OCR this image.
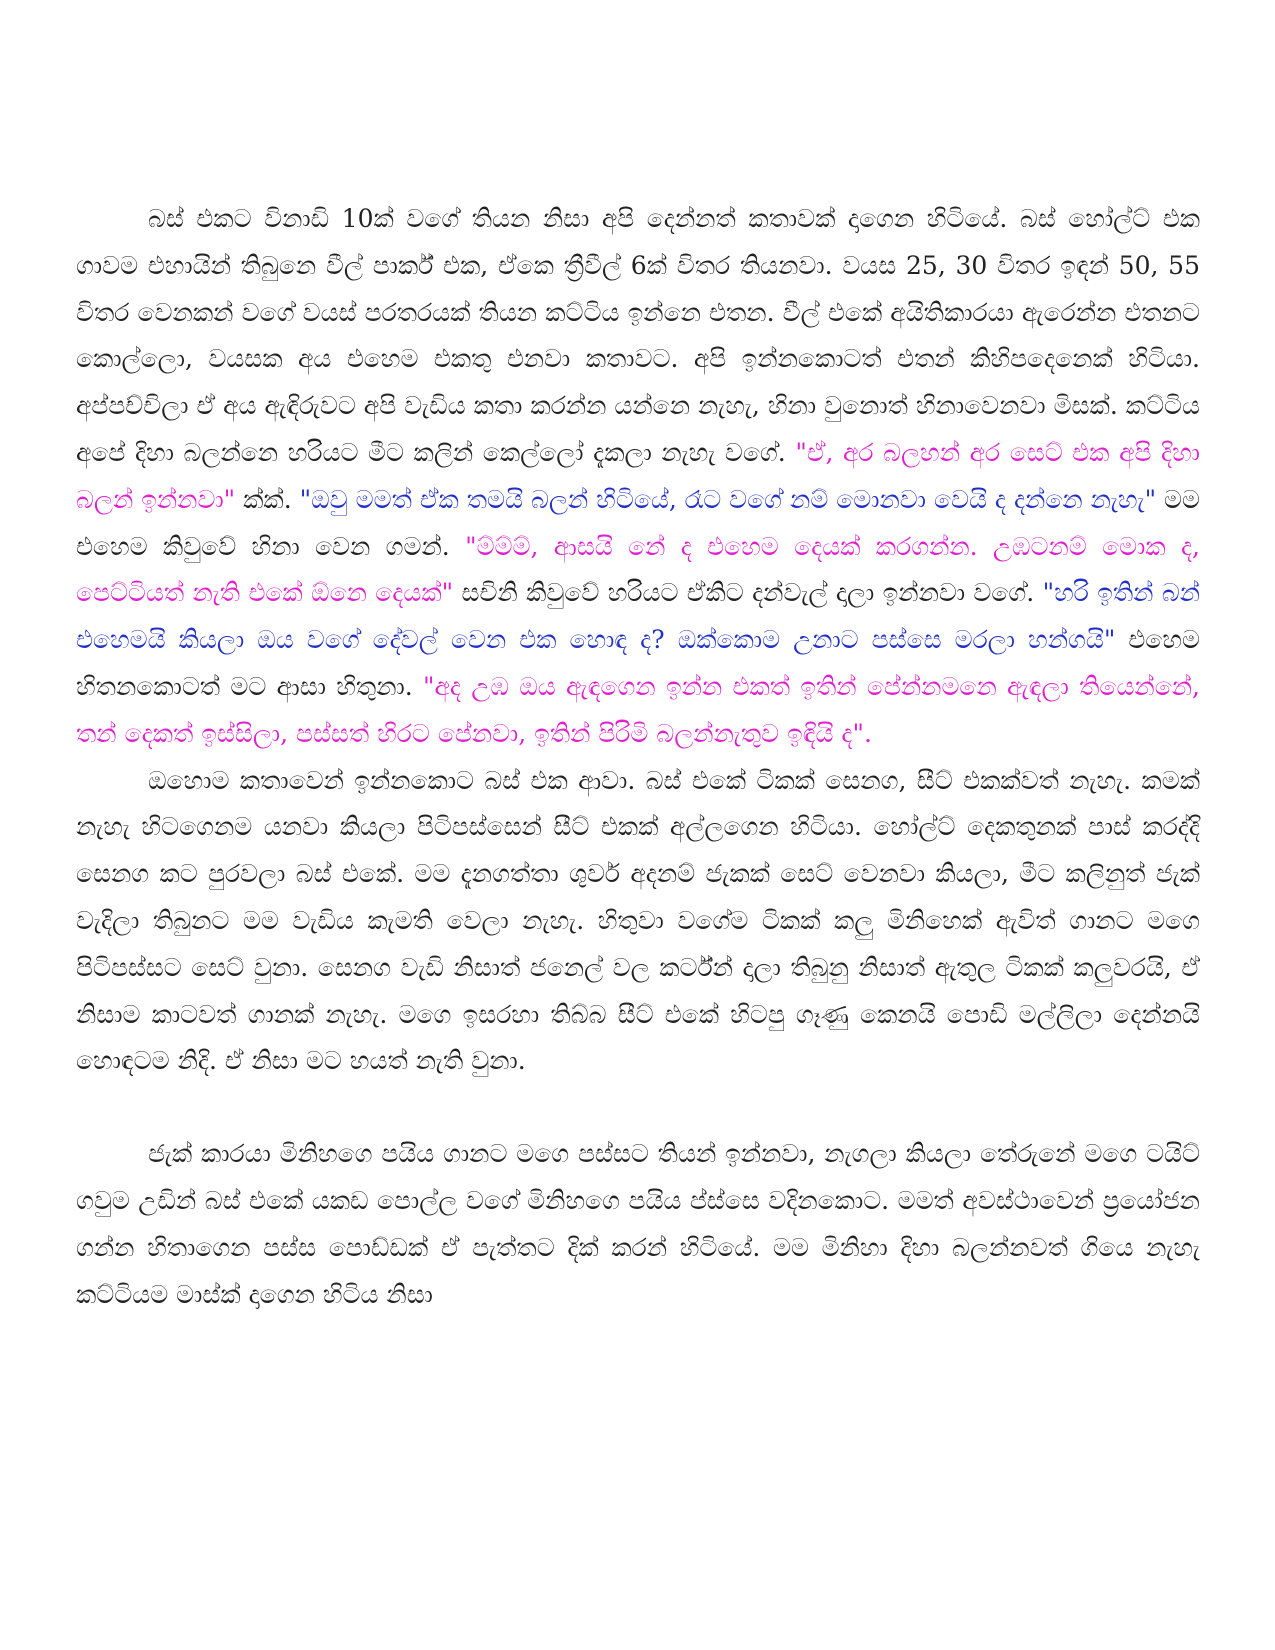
බස් එකට විනාඩි 10ක් වගේ තියන නිසා අපි දෙන්නත් කතාවක් දාගෙන හිටියේ. බස් හෝල්ට් එක ගාවම එහායින් තිබුනෙ වීල් පාර්ක් එක, ඒකෙ ත්‍රීවීල් 6ක් විතර තියනවා. වයස 25, 30 විතර ඉඳන් 50, 55 විතර වෙනකන් වගේ වයස් පරතරයක් තියන කට්ටිය ඉන්නෙ එතන. වීල් එකේ අයිතිකාරයා ඇරෙන්න එතනට කොල්ලො, වයසක අය එහෙම එකතු එනවා කතාවට. අපි ඉන්නකොටත් එතන් කිහිපදෙනෙක් හිටියා. අප්පච්චිලා ඒ අය ඇඳිරුවට අපි වැඩිය කතා කරන්න යන්නෙ නැහැ, හිනා වුනොත් හිනාවෙනවා මිසක්. කට්ටිය අපේ දිහා බලන්නෙ හරියට මීට කලින් කෙල්ලෝ දැකලා නැහැ වගේ. "ඒ, අර බලහන් අර සෙට් එක අපි දිහා බලන් ඉන්නවා" ක්ක්. "ඔවු මමත් ඒක තමයි බලන් හිටියේ, රෑට වගේ නම් මොනවා වෙයි ද දන්නෙ නැහැ" මම එහෙම කිවුවේ හිනා වෙන ගමන්. "ම්ම්ම්, ආසයි නේ ද එහෙම දෙයක් කරගන්න. උඹටනම් මොක ද, පෙට්ටියත් නැති එකේ ඕනෙ දෙයක්" සචිනි කිවුවේ හරියට ඒකිට දන්වැල් දාලා ඉන්නවා වගේ. "හරි ඉතින් බන් එහෙමයි කියලා ඔය වගේ දේවල් වෙන එක හොඳ ද? ඔක්කොම උනාට පස්සෙ මරලා හන්ගයි" එහෙම හිතනකොටත් මට ආසා හිතුනා. "අද උඹ ඔය ඇඳගෙන ඉන්න එකත් ඉතින් පේන්නමනෙ ඇඳලා තියෙන්නේ, තන් දෙකත් ඉස්සිලා, පස්සත් හිරට පේනවා, ඉතින් පිරිමි බලන්නැතුව ඉඳියි ද".

ඔහොම කතාවෙන් ඉන්නකොට බස් එක ආවා. බස් එකේ ටිකක් සෙනග, සීට් එකක්වත් නැහැ. කමක් නැහැ හිටගෙනම යනවා කියලා පිටිපස්සෙන් සීට් එකක් අල්ලගෙන හිටියා. හෝල්ට් දෙකතුනක් පාස් කරද්දි සෙනග කට පුරවලා බස් එකේ. මම දැනගත්තා ශුවර් අදනම් ජැකක් සෙට් වෙනවා කියලා, මීට කලිනුත් ජැක් වැදිලා තිබුනට මම වැඩිය කැමති වෙලා නැහැ. හිතුවා වගේම ටිකක් කලු මිනිහෙක් ඇවිත් ගානට මගෙ පිටිපස්සට සෙට් වුනා. සෙනග වැඩි නිසාත් ජනෙල් වල කර්ට්න් දාලා තිබුනු නිසාත් ඇතුල ටිකක් කලුවරයි, ඒ නිසාම කාටවත් ගානක් නැහැ. මගෙ ඉසරහා තිබ්බ සීට් එකේ හිටපු ගෑණු කෙනයි පොඩි මල්ලිලා දෙන්නයි හොඳටම නිදි. ඒ නිසා මට හයත් නැති වුනා.

ජැක් කාරයා මිනිහගෙ පයිය ගානට මගෙ පස්සට තියන් ඉන්නවා, නැගලා කියලා තේරුනේ මගෙ ටයිට් ගවුම උඩින් බස් එකේ යකඩ පොල්ල වගේ මිනිහගෙ පයිය ප්ස්සෙ වදිනකොට. මමත් අවස්ථාවෙන් ප්‍රයෝජන ගන්න හිතාගෙන පස්ස පොඩ්ඩක් ඒ පැත්තට දික් කරන් හිටියේ. මම මිනිහා දිහා බලන්නවත් ගියෙ නැහැ කට්ටියම මාස්ක් දාගෙන හිටිය නිසා
